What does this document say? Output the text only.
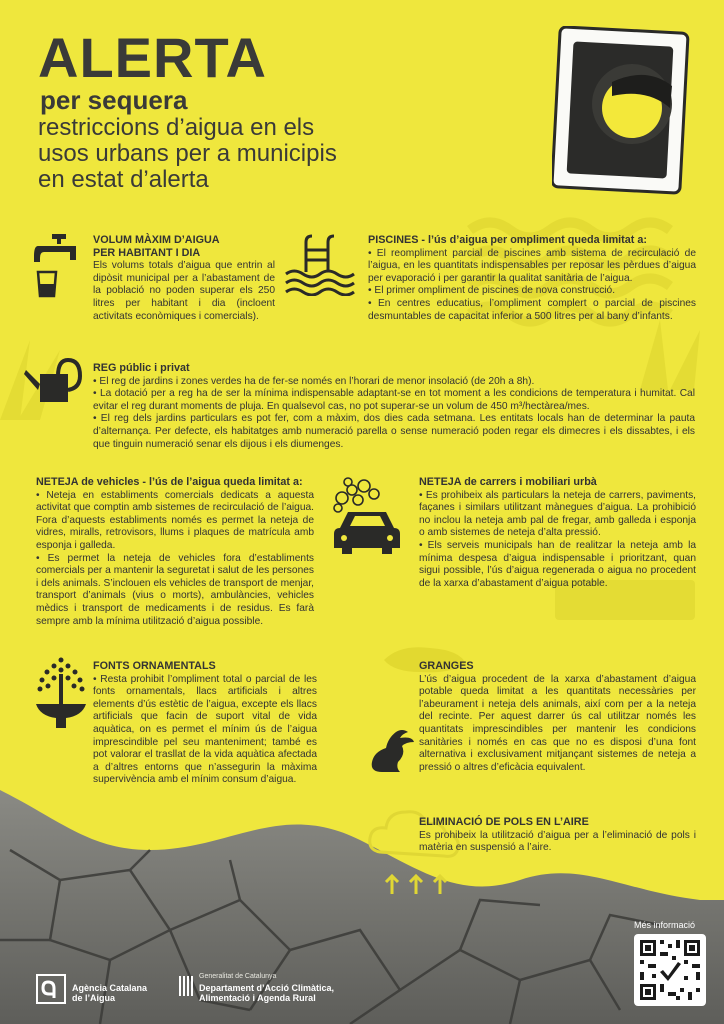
ALERTA
per sequera
restriccions d’aigua en els
usos urbans per a municipis
en estat d’alerta
VOLUM MÀXIM D’AIGUA
PER HABITANT I DIA

Els volums totals d’aigua que entrin al dipòsit municipal per a l’abastament de la població no poden superar els 250 litres per habitant i dia (incloent activitats econòmiques i comercials).

PISCINES - l’ús d’aigua per ompliment queda limitat a:

• El reompliment parcial de piscines amb sistema de recirculació de l’aigua, en les quantitats indispensables per reposar les pèrdues d’aigua per evaporació i per garantir la qualitat sanitària de l’aigua.

• El primer ompliment de piscines de nova construcció.

• En centres educatius, l’ompliment complert o parcial de piscines desmuntables de capacitat inferior a 500 litres per al bany d’infants.

REG públic i privat

• El reg de jardins i zones verdes ha de fer-se només en l’horari de menor insolació (de 20h a 8h).

• La dotació per a reg ha de ser la mínima indispensable adaptant-se en tot moment a les condicions de temperatura i humitat. Cal evitar el reg durant moments de pluja. En qualsevol cas, no pot superar-se un volum de 450 m³/hectàrea/mes.

• El reg dels jardins particulars es pot fer, com a màxim, dos dies cada setmana. Les entitats locals han de determinar la pauta d’alternança. Per defecte, els habitatges amb numeració parella o sense numeració poden regar els dimecres i els dissabtes, i els que tinguin numeració senar els dijous i els diumenges.

NETEJA de vehicles - l’ús de l’aigua queda limitat a:

• Neteja en establiments comercials dedicats a aquesta activitat que comptin amb sistemes de recirculació de l’aigua. Fora d’aquests establiments només es permet la neteja de vidres, miralls, retrovisors, llums i plaques de matrícula amb esponja i galleda.

• Es permet la neteja de vehicles fora d’establiments comercials per a mantenir la seguretat i salut de les persones i dels animals. S’inclouen els vehicles de transport de menjar, transport d’animals (vius o morts), ambulàncies, vehicles mèdics i transport de medicaments i de residus. Es farà sempre amb la mínima utilització d’aigua possible.

NETEJA de carrers i mobiliari urbà

• Es prohibeix als particulars la neteja de carrers, paviments, façanes i similars utilitzant mànegues d’aigua. La prohibició no inclou la neteja amb pal de fregar, amb galleda i esponja o amb sistemes de neteja d’alta pressió.

• Els serveis municipals han de realitzar la neteja amb la mínima despesa d’aigua indispensable i prioritzant, quan sigui possible, l’ús d’aigua regenerada o aigua no procedent de la xarxa d’abastament d’aigua potable.

FONTS ORNAMENTALS

• Resta prohibit l’ompliment total o parcial de les fonts ornamentals, llacs artificials i altres elements d’ús estètic de l’aigua, excepte els llacs artificials que facin de suport vital de vida aquàtica, on es permet el mínim ús de l’aigua imprescindible pel seu manteniment; també es pot valorar el trasllat de la vida aquàtica afectada a d’altres entorns que n’assegurin la màxima supervivència amb el mínim consum d’aigua.

GRANGES

L’ús d’aigua procedent de la xarxa d’abastament d’aigua potable queda limitat a les quantitats necessàries per l’abeurament i neteja dels animals, així com per a la neteja del recinte. Per aquest darrer ús cal utilitzar només les quantitats imprescindibles per mantenir les condicions sanitàries i només en cas que no es disposi d’una font alternativa i exclusivament mitjançant sistemes de neteja a pressió o altres d’eficàcia equivalent.

ELIMINACIÓ DE POLS EN L’AIRE

Es prohibeix la utilització d’aigua per a l’eliminació de pols i matèria en suspensió a l’aire.

Més informació
Agència Catalana de l’Aigua
Generalitat de Catalunya
Departament d’Acció Climàtica, Alimentació i Agenda Rural
